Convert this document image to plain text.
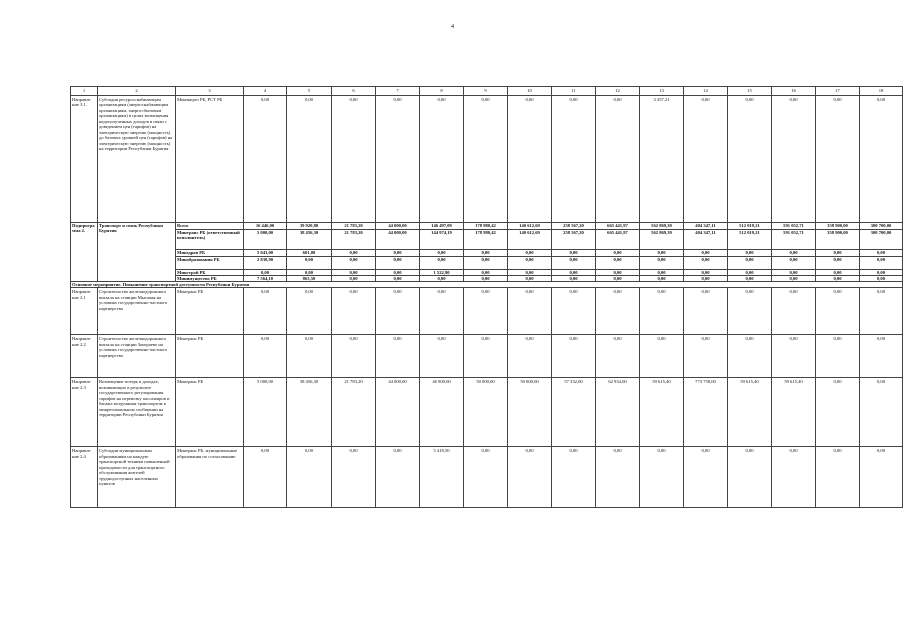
4
1	2	3	4	5	6	7	8	9	10	11	12	13	14	15	16	17	18
Направле ние 3.1.	Субсидия ресурсоснабжающим организациям (энергоснабжающим организациям, энергосбытовым организациям) в целях возмещения недополученных доходов в связи с доведением цен (тарифов) на электрическую энергию (мощность) до базовых уровней цен (тарифов) на электрическую энергию (мощность) на территории Республики Бурятия	Минэнерго РБ, РСТ РБ	0,00	0,00	0,00	0,00	0,00	0,00	0,00	0,00	0,00	3 357,21	0,00	0,00	0,00	0,00	0,00
Подпрограмма 2.	Транспорт и связь Республики Бурятия	Всего	16 446,00	39 920,80	21 783,20	44 000,00	146 497,09	178 980,42	140 612,69	258 567,20	665 441,97	562 869,39	404 347,11	512 019,21	591 052,71	358 900,00	300 700,00
		Минтранс РБ (ответственный исполнитель)	5 000,00	38 456,30	21 783,20	44 000,00	144 974,19	178 980,42	140 612,69	258 567,20	665 441,97	562 869,39	404 347,11	512 019,21	591 052,71	358 900,00	300 700,00
		Минздрав РБ	5 043,00	601,00	0,00	0,00	0,00	0,00	0,00	0,00	0,00	0,00	0,00	0,00	0,00	0,00	0,00
		Минобразования РБ	2 838,90	0,00	0,00	0,00	0,00	0,00	0,00	0,00	0,00	0,00	0,00	0,00	0,00	0,00	0,00
		Минстрой РБ	0,00	0,00	0,00	0,00	1 522,90	0,00	0,00	0,00	0,00	0,00	0,00	0,00	0,00	0,00	0,00
		Минимущество РБ	7 564,10	863,50	0,00	0,00	0,00	0,00	0,00	0,00	0,00	0,00	0,00	0,00	0,00	0,00	0,00
Основное мероприятие. Повышение транспортной доступности Республики Бурятия																	
Направле ние 2.1	Строительство железнодорожного вокзала на станции Мысовая на условиях государственно-частного партнерства	Минтранс РБ	0,00	0,00	0,00	0,00	0,00	0,00	0,00	0,00	0,00	0,00	0,00	0,00	0,00	0,00	0,00
Направле ние 2.2	Строительство железнодорожного вокзала на станции Заиграево на условиях государственно-частного партнерства	Минтранс РБ	0,00	0,00	0,00	0,00	0,00	0,00	0,00	0,00	0,00	0,00	0,00	0,00	0,00	0,00	0,00
Направле ние 2.3	Возмещение потерь в доходах, возникающих в результате государственного регулирования тарифов на перевозку пассажиров и багажа воздушным транспортом в межрегиональном сообщении на территории Республики Бурятия	Минтранс РБ	5 000,00	38 456,30	21 783,20	44 000,00	46 900,00	50 000,00	50 000,00	57 332,00	62 934,00	59 615,40	773 758,00	59 615,40	59 615,40	0,00	0,00
Направле ние 2.4	Субсидии муниципальным образованиям на каждую транспортной техники повышенной проходимости для транспортного обслуживания жителей труднодоступных населенных пунктов	Минтранс РБ, муниципальные образования по согласованию	0,00	0,00	0,00	0,00	5 418,50	0,00	0,00	0,00	0,00	0,00	0,00	0,00	0,00	0,00	0,00
